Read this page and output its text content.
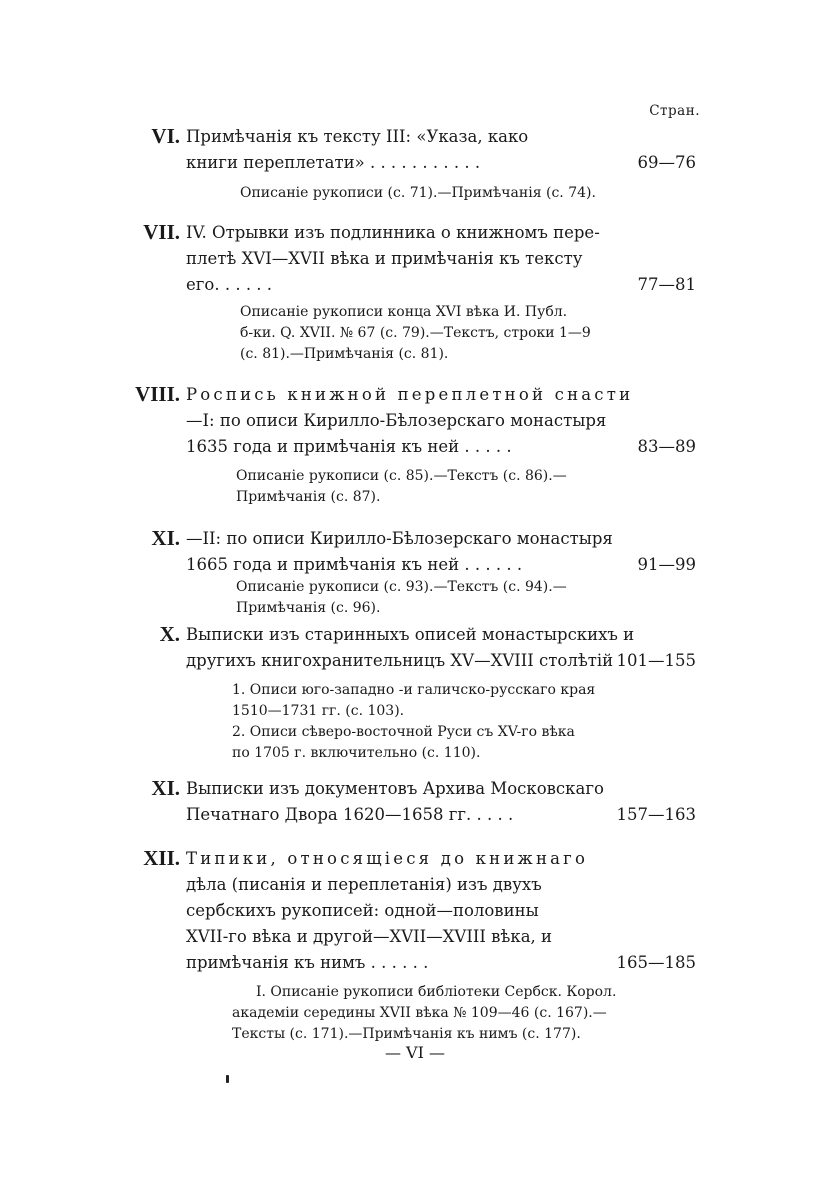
Стран.
VI. Примѣчанія къ тексту III: «Указа, како
книги переплетати» . . . . . . . . . . .	69—76
Описаніе рукописи (с. 71).—Примѣчанія (с. 74).
VII. IV. Отрывки изъ подлинника о книжномъ пере-
плетѣ XVI—XVII вѣка и примѣчанія къ тексту
его. . . . . .	77—81
Описаніе рукописи конца XVI вѣка И. Публ.
б-ки. Q. XVII. № 67 (с. 79).—Текстъ, строки 1—9
(с. 81).—Примѣчанія (с. 81).
VIII. Роспись книжной переплетной снасти
—I: по описи Кирилло-Бѣлозерскаго монастыря
1635 года и примѣчанія къ ней . . . . .	83—89
Описаніе рукописи (с. 85).—Текстъ (с. 86).—
Примѣчанія (с. 87).
XI. —II: по описи Кирилло-Бѣлозерскаго монастыря
1665 года и примѣчанія къ ней . . . . . .	91—99
Описаніе рукописи (с. 93).—Текстъ (с. 94).—
Примѣчанія (с. 96).
X. Выписки изъ старинныхъ описей монастырскихъ и
другихъ книгохранительницъ XV—XVIII столѣтій 101—155
1. Описи юго-западно -и галичско-русскаго края
1510—1731 гг. (с. 103).
2. Описи сѣверо-восточной Руси съ XV-го вѣка
по 1705 г. включительно (с. 110).
XI. Выписки изъ документовъ Архива Московскаго
Печатнаго Двора 1620—1658 гг. . . . .	157—163
XII. Типики, относящіеся до книжнаго
дѣла (писанія и переплетанія) изъ двухъ
сербскихъ рукописей: одной—половины
XVII-го вѣка и другой—XVII—XVIII вѣка, и
примѣчанія къ нимъ . . . . . .	165—185
I. Описаніе рукописи библіотеки Сербск. Корол.
академіи середины XVII вѣка № 109—46 (с. 167).—
Тексты (с. 171).—Примѣчанія къ нимъ (с. 177).
— VI —
